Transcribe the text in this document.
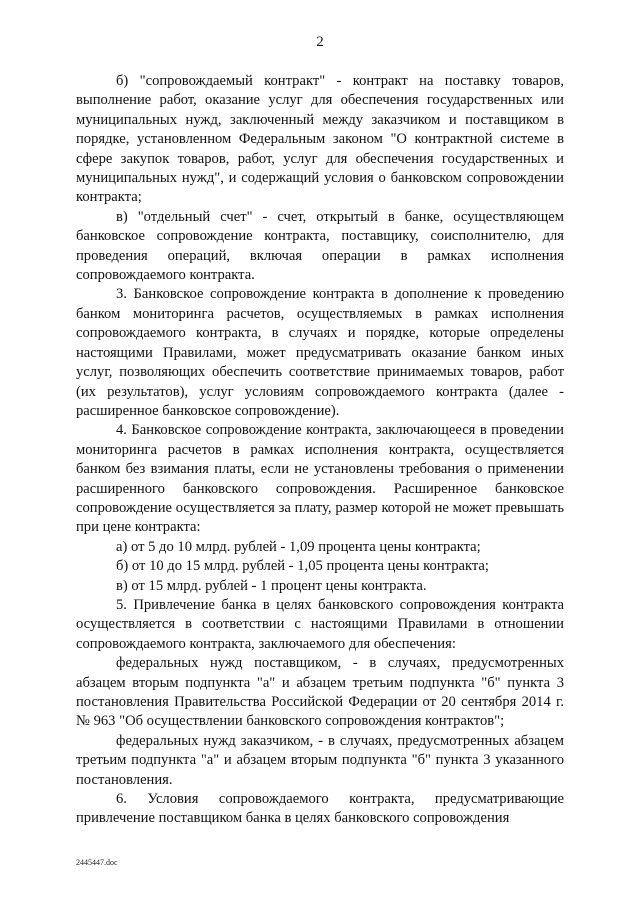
2

б) "сопровождаемый контракт" - контракт на поставку товаров, выполнение работ, оказание услуг для обеспечения государственных или муниципальных нужд, заключенный между заказчиком и поставщиком в порядке, установленном Федеральным законом "О контрактной системе в сфере закупок товаров, работ, услуг для обеспечения государственных и муниципальных нужд", и содержащий условия о банковском сопровождении контракта;

в) "отдельный счет" - счет, открытый в банке, осуществляющем банковское сопровождение контракта, поставщику, соисполнителю, для проведения операций, включая операции в рамках исполнения сопровождаемого контракта.

3. Банковское сопровождение контракта в дополнение к проведению банком мониторинга расчетов, осуществляемых в рамках исполнения сопровождаемого контракта, в случаях и порядке, которые определены настоящими Правилами, может предусматривать оказание банком иных услуг, позволяющих обеспечить соответствие принимаемых товаров, работ (их результатов), услуг условиям сопровождаемого контракта (далее - расширенное банковское сопровождение).

4. Банковское сопровождение контракта, заключающееся в проведении мониторинга расчетов в рамках исполнения контракта, осуществляется банком без взимания платы, если не установлены требования о применении расширенного банковского сопровождения. Расширенное банковское сопровождение осуществляется за плату, размер которой не может превышать при цене контракта:

а) от 5 до 10 млрд. рублей - 1,09 процента цены контракта;

б) от 10 до 15 млрд. рублей - 1,05 процента цены контракта;

в) от 15 млрд. рублей - 1 процент цены контракта.

5. Привлечение банка в целях банковского сопровождения контракта осуществляется в соответствии с настоящими Правилами в отношении сопровождаемого контракта, заключаемого для обеспечения:

федеральных нужд поставщиком, - в случаях, предусмотренных абзацем вторым подпункта "а" и абзацем третьим подпункта "б" пункта 3 постановления Правительства Российской Федерации от 20 сентября 2014 г. № 963 "Об осуществлении банковского сопровождения контрактов";

федеральных нужд заказчиком, - в случаях, предусмотренных абзацем третьим подпункта "а" и абзацем вторым подпункта "б" пункта 3 указанного постановления.

6. Условия сопровождаемого контракта, предусматривающие привлечение поставщиком банка в целях банковского сопровождения

2445447.doc
